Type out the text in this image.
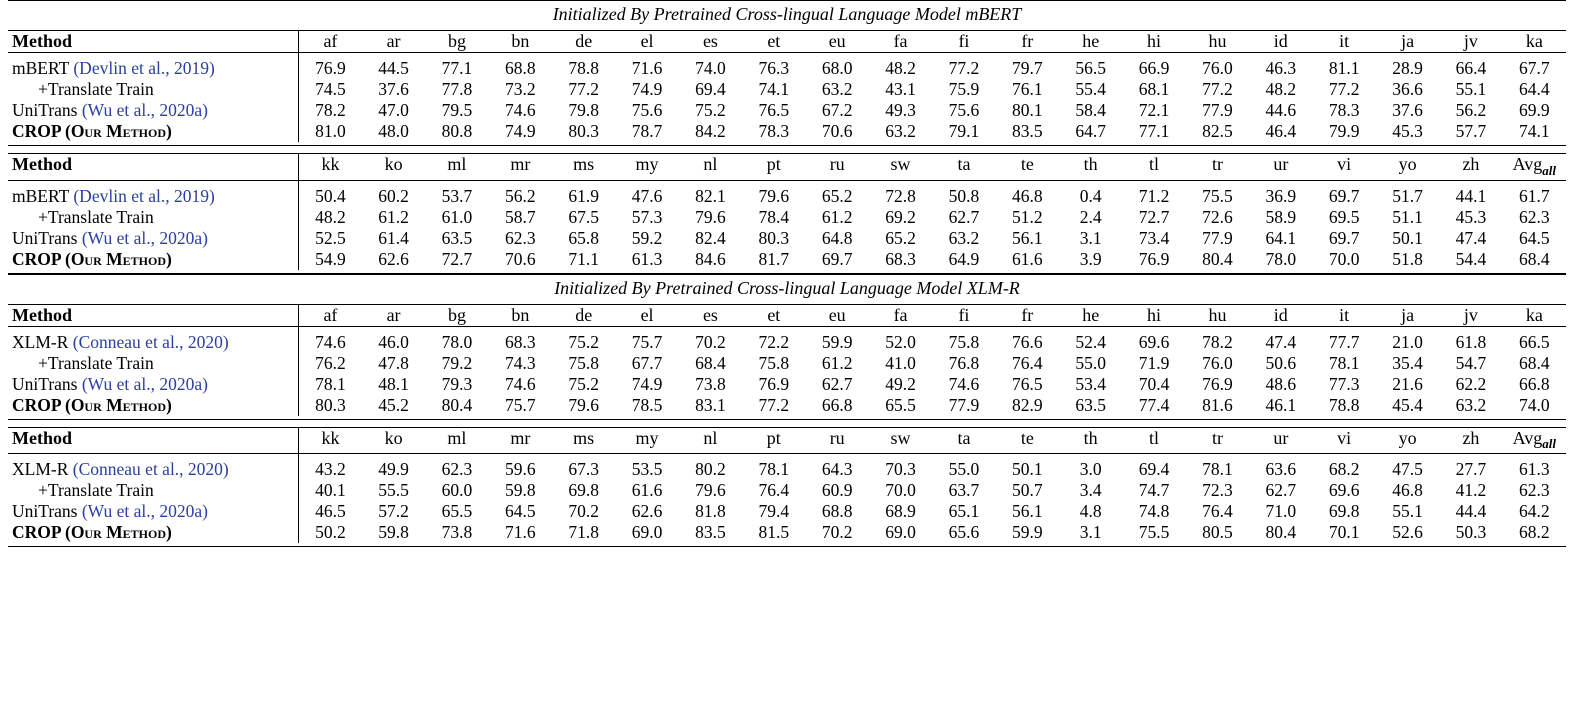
Initialized By Pretrained Cross-lingual Language Model mBERT
Method	af	ar	bg	bn	de	el	es	et	eu	fa	fi	fr	he	hi	hu	id	it	ja	jv	ka
mBERT (Devlin et al., 2019)	76.9	44.5	77.1	68.8	78.8	71.6	74.0	76.3	68.0	48.2	77.2	79.7	56.5	66.9	76.0	46.3	81.1	28.9	66.4	67.7
+Translate Train	74.5	37.6	77.8	73.2	77.2	74.9	69.4	74.1	63.2	43.1	75.9	76.1	55.4	68.1	77.2	48.2	77.2	36.6	55.1	64.4
UniTrans (Wu et al., 2020a)	78.2	47.0	79.5	74.6	79.8	75.6	75.2	76.5	67.2	49.3	75.6	80.1	58.4	72.1	77.9	44.6	78.3	37.6	56.2	69.9
CROP (Our Method)	81.0	48.0	80.8	74.9	80.3	78.7	84.2	78.3	70.6	63.2	79.1	83.5	64.7	77.1	82.5	46.4	79.9	45.3	57.7	74.1
Method	kk	ko	ml	mr	ms	my	nl	pt	ru	sw	ta	te	th	tl	tr	ur	vi	yo	zh	Avg$_{all}$
mBERT (Devlin et al., 2019)	50.4	60.2	53.7	56.2	61.9	47.6	82.1	79.6	65.2	72.8	50.8	46.8	0.4	71.2	75.5	36.9	69.7	51.7	44.1	61.7
+Translate Train	48.2	61.2	61.0	58.7	67.5	57.3	79.6	78.4	61.2	69.2	62.7	51.2	2.4	72.7	72.6	58.9	69.5	51.1	45.3	62.3
UniTrans (Wu et al., 2020a)	52.5	61.4	63.5	62.3	65.8	59.2	82.4	80.3	64.8	65.2	63.2	56.1	3.1	73.4	77.9	64.1	69.7	50.1	47.4	64.5
CROP (Our Method)	54.9	62.6	72.7	70.6	71.1	61.3	84.6	81.7	69.7	68.3	64.9	61.6	3.9	76.9	80.4	78.0	70.0	51.8	54.4	68.4
Initialized By Pretrained Cross-lingual Language Model XLM-R
Method	af	ar	bg	bn	de	el	es	et	eu	fa	fi	fr	he	hi	hu	id	it	ja	jv	ka
XLM-R (Conneau et al., 2020)	74.6	46.0	78.0	68.3	75.2	75.7	70.2	72.2	59.9	52.0	75.8	76.6	52.4	69.6	78.2	47.4	77.7	21.0	61.8	66.5
+Translate Train	76.2	47.8	79.2	74.3	75.8	67.7	68.4	75.8	61.2	41.0	76.8	76.4	55.0	71.9	76.0	50.6	78.1	35.4	54.7	68.4
UniTrans (Wu et al., 2020a)	78.1	48.1	79.3	74.6	75.2	74.9	73.8	76.9	62.7	49.2	74.6	76.5	53.4	70.4	76.9	48.6	77.3	21.6	62.2	66.8
CROP (Our Method)	80.3	45.2	80.4	75.7	79.6	78.5	83.1	77.2	66.8	65.5	77.9	82.9	63.5	77.4	81.6	46.1	78.8	45.4	63.2	74.0
Method	kk	ko	ml	mr	ms	my	nl	pt	ru	sw	ta	te	th	tl	tr	ur	vi	yo	zh	Avg$_{all}$
XLM-R (Conneau et al., 2020)	43.2	49.9	62.3	59.6	67.3	53.5	80.2	78.1	64.3	70.3	55.0	50.1	3.0	69.4	78.1	63.6	68.2	47.5	27.7	61.3
+Translate Train	40.1	55.5	60.0	59.8	69.8	61.6	79.6	76.4	60.9	70.0	63.7	50.7	3.4	74.7	72.3	62.7	69.6	46.8	41.2	62.3
UniTrans (Wu et al., 2020a)	46.5	57.2	65.5	64.5	70.2	62.6	81.8	79.4	68.8	68.9	65.1	56.1	4.8	74.8	76.4	71.0	69.8	55.1	44.4	64.2
CROP (Our Method)	50.2	59.8	73.8	71.6	71.8	69.0	83.5	81.5	70.2	69.0	65.6	59.9	3.1	75.5	80.5	80.4	70.1	52.6	50.3	68.2
